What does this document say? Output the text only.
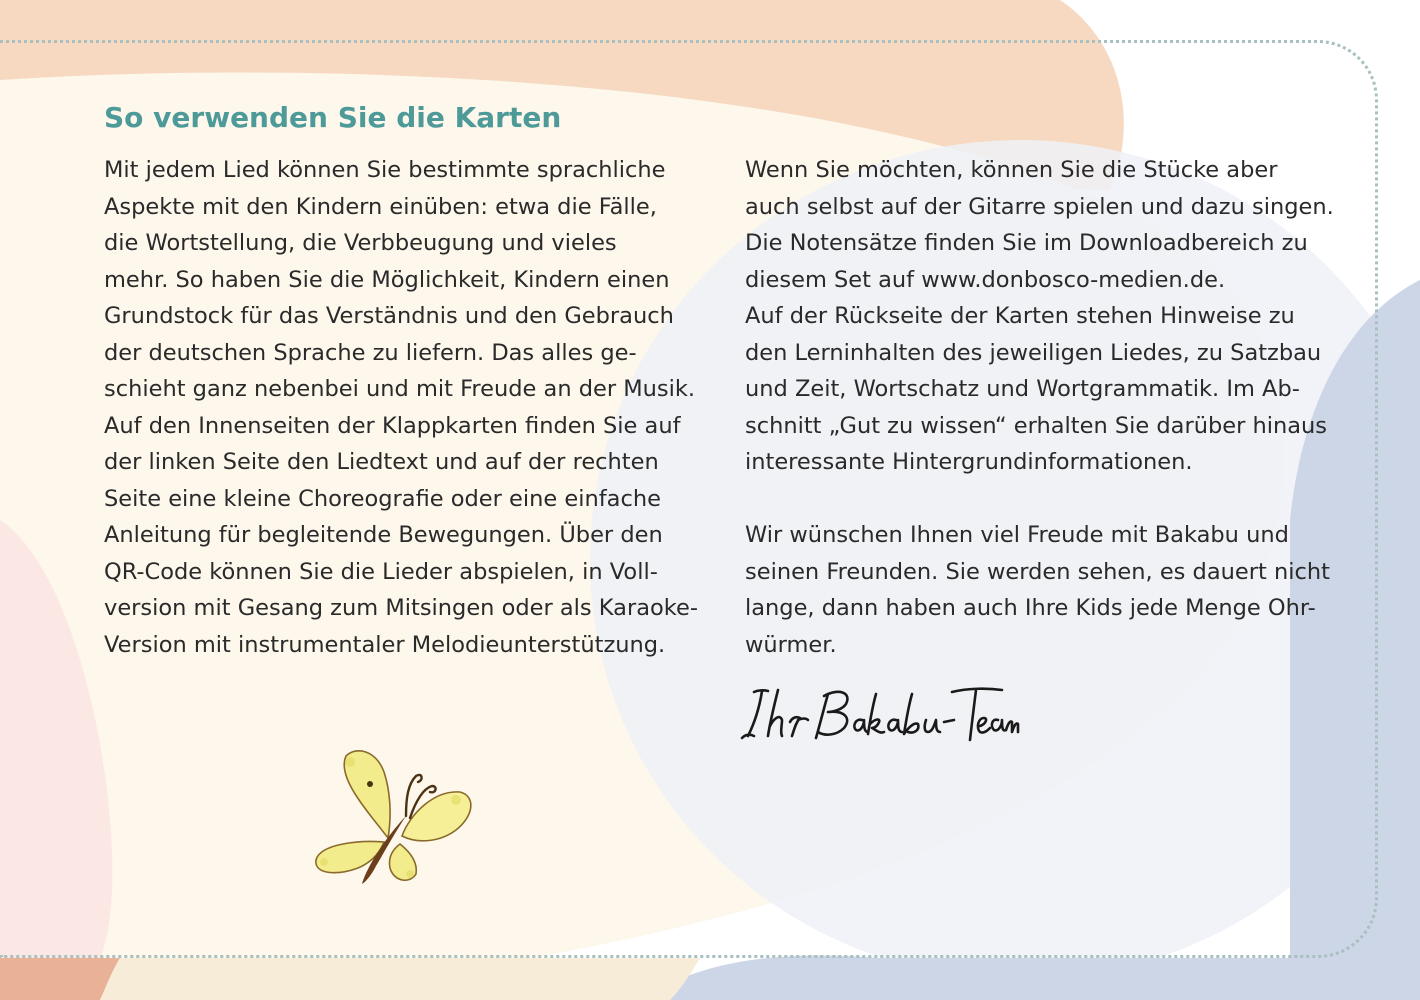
So verwenden Sie die Karten
Mit jedem Lied können Sie bestimmte sprachliche
Aspekte mit den Kindern einüben: etwa die Fälle,
die Wortstellung, die Verbbeugung und vieles
mehr. So haben Sie die Möglichkeit, Kindern einen
Grundstock für das Verständnis und den Gebrauch
der deutschen Sprache zu liefern. Das alles ge-
schieht ganz nebenbei und mit Freude an der Musik.
Auf den Innenseiten der Klappkarten finden Sie auf
der linken Seite den Liedtext und auf der rechten
Seite eine kleine Choreografie oder eine einfache
Anleitung für begleitende Bewegungen. Über den
QR-Code können Sie die Lieder abspielen, in Voll-
version mit Gesang zum Mitsingen oder als Karaoke-
Version mit instrumentaler Melodieunterstützung.
Wenn Sie möchten, können Sie die Stücke aber
auch selbst auf der Gitarre spielen und dazu singen.
Die Notensätze finden Sie im Downloadbereich zu
diesem Set auf www.donbosco-medien.de.
Auf der Rückseite der Karten stehen Hinweise zu
den Lerninhalten des jeweiligen Liedes, zu Satzbau
und Zeit, Wortschatz und Wortgrammatik. Im Ab-
schnitt „Gut zu wissen“ erhalten Sie darüber hinaus
interessante Hintergrundinformationen.
Wir wünschen Ihnen viel Freude mit Bakabu und
seinen Freunden. Sie werden sehen, es dauert nicht
lange, dann haben auch Ihre Kids jede Menge Ohr-
würmer.
